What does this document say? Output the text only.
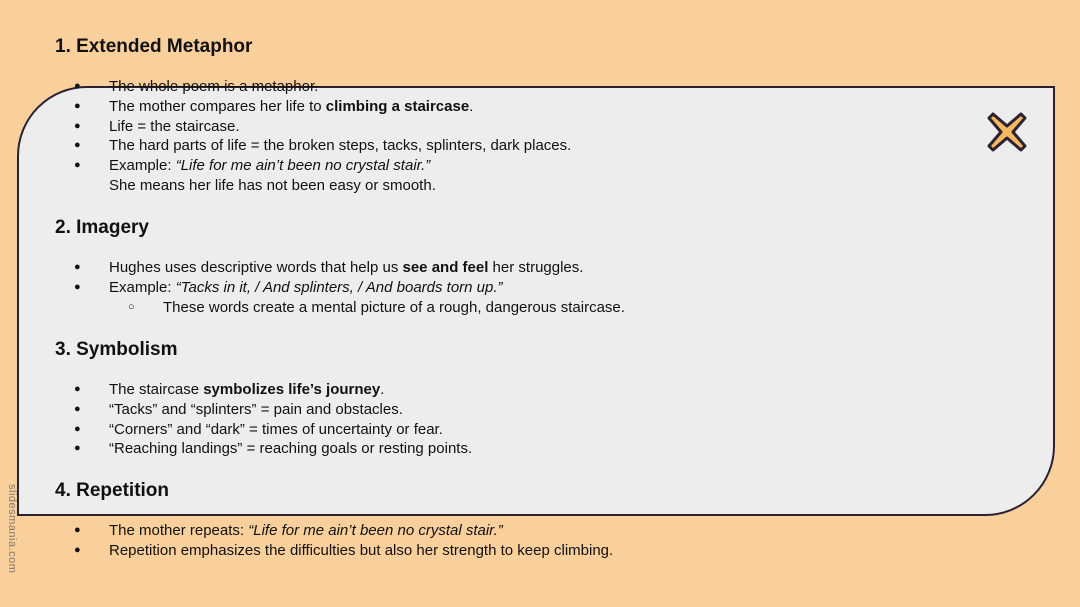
1. Extended Metaphor
● The whole poem is a metaphor.
● The mother compares her life to climbing a staircase.
● Life = the staircase.
● The hard parts of life = the broken steps, tacks, splinters, dark places.
● Example: “Life for me ain’t been no crystal stair.”
She means her life has not been easy or smooth.
2. Imagery
● Hughes uses descriptive words that help us see and feel her struggles.
● Example: “Tacks in it, / And splinters, / And boards torn up.”
○ These words create a mental picture of a rough, dangerous staircase.
3. Symbolism
● The staircase symbolizes life’s journey.
● “Tacks” and “splinters” = pain and obstacles.
● “Corners” and “dark” = times of uncertainty or fear.
● “Reaching landings” = reaching goals or resting points.
4. Repetition
● The mother repeats: “Life for me ain’t been no crystal stair.”
● Repetition emphasizes the difficulties but also her strength to keep climbing.
slidesmania.com
